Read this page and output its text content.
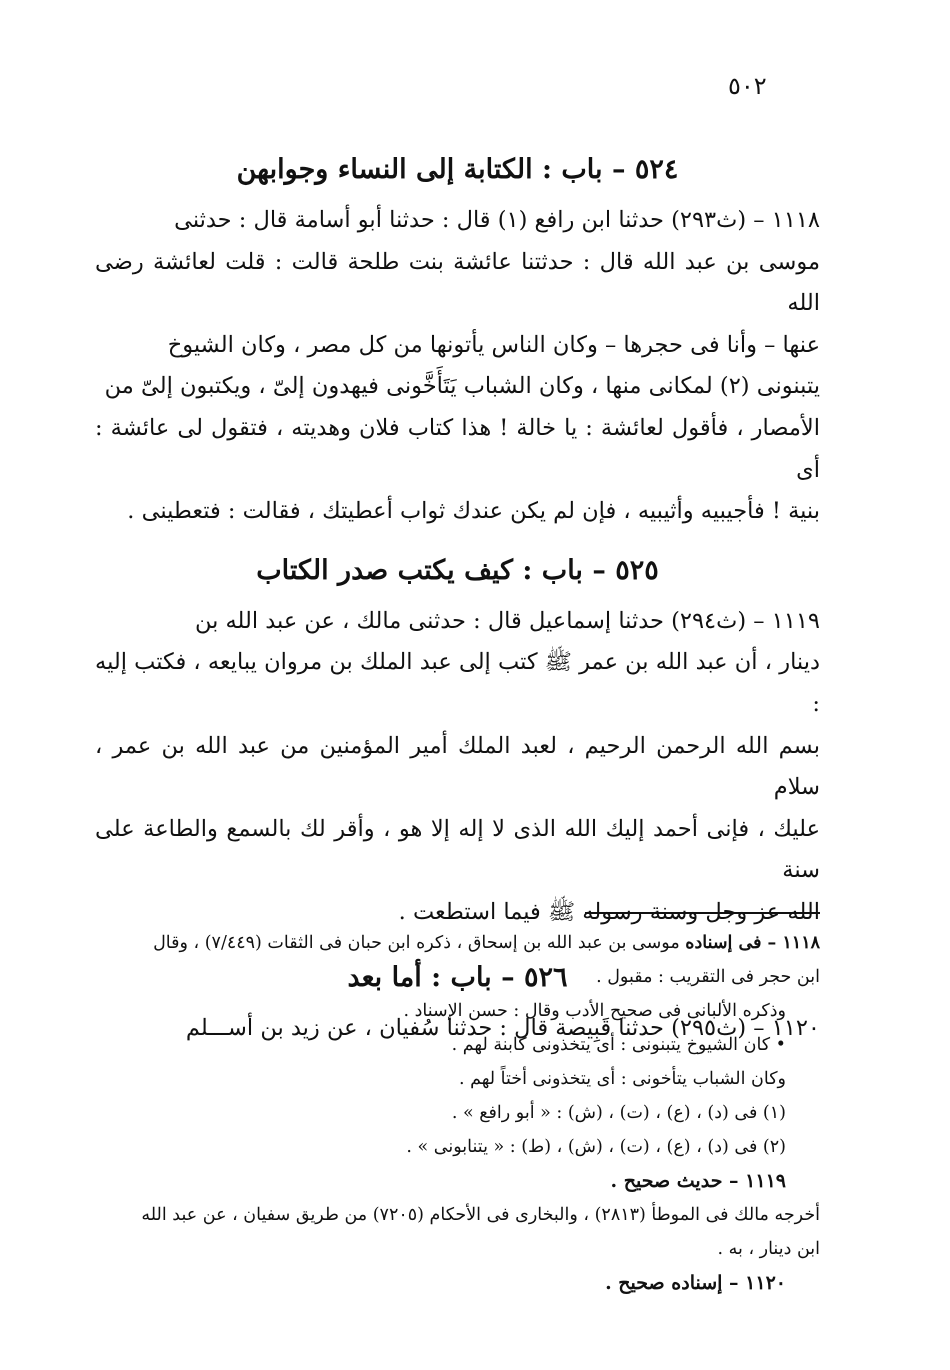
٥٠٢
٥٢٤ – باب : الكتابة إلى النساء وجوابهن

١١١٨ – (ث٢٩٣) حدثنا ابن رافع (١) قال : حدثنا أبو أسامة قال : حدثنى

موسى بن عبد الله قال : حدثتنا عائشة بنت طلحة قالت : قلت لعائشة رضى الله

عنها – وأنا فى حجرها – وكان الناس يأتونها من كل مصر ، وكان الشيوخ

يتبنونى (٢) لمكانى منها ، وكان الشباب يَتَأَخَّونى فيهدون إلىّ ، ويكتبون إلىّ من

الأمصار ، فأقول لعائشة : يا خالة ! هذا كتاب فلان وهديته ، فتقول لى عائشة : أى

بنية ! فأجيبيه وأثيبيه ، فإن لم يكن عندك ثواب أعطيتك ، فقالت : فتعطينى .

٥٢٥ – باب : كيف يكتب صدر الكتاب

١١١٩ – (ث٢٩٤) حدثنا إسماعيل قال : حدثنى مالك ، عن عبد الله بن

دينار ، أن عبد الله بن عمر ﷺ كتب إلى عبد الملك بن مروان يبايعه ، فكتب إليه :

بسم الله الرحمن الرحيم ، لعبد الملك أمير المؤمنين من عبد الله بن عمر ، سلام

عليك ، فإنى أحمد إليك الله الذى لا إله إلا هو ، وأقر لك بالسمع والطاعة على سنة

الله عز وجل وسنة رسوله ﷺ فيما استطعت .

٥٢٦ – باب : أما بعد

١١٢٠ – (ث٢٩٥) حدثنا قَبِيصة قال : حدثنا سُفيان ، عن زيد بن أســـلم

١١١٨ – فى إسناده موسى بن عبد الله بن إسحاق ، ذكره ابن حبان فى الثقات (٧/٤٤٩) ، وقال

ابن حجر فى التقريب : مقبول .

وذكره الألبانى فى صحيح الأدب وقال : حسن الإسناد .

• كان الشيوخ يتبنونى : أى يتخذونى كابنة لهم .

وكان الشباب يتأخونى : أى يتخذونى أختاً لهم .

(١) فى (د) ، (ع) ، (ت) ، (ش) : « أبو رافع » .

(٢) فى (د) ، (ع) ، (ت) ، (ش) ، (ط) : « يتنابونى » .

١١١٩ – حديث صحيح .

أخرجه مالك فى الموطأ (٢٨١٣) ، والبخارى فى الأحكام (٧٢٠٥) من طريق سفيان ، عن عبد الله

ابن دينار ، به .

١١٢٠ – إسناده صحيح .
